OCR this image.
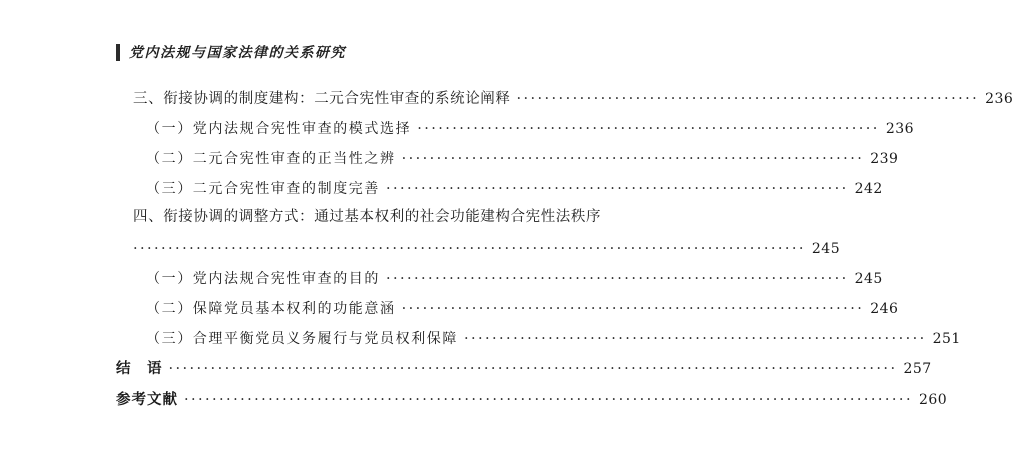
党内法规与国家法律的关系研究
三、衔接协调的制度建构：二元合宪性审查的系统论阐释 ·································································· 236
（一）党内法规合宪性审查的模式选择 ·································································· 236
（二）二元合宪性审查的正当性之辨 ·································································· 239
（三）二元合宪性审查的制度完善 ·································································· 242
四、衔接协调的调整方式：通过基本权利的社会功能建构合宪性法秩序
································································································ 245
（一）党内法规合宪性审查的目的 ·································································· 245
（二）保障党员基本权利的功能意涵 ·································································· 246
（三）合理平衡党员义务履行与党员权利保障 ·································································· 251
结　语 ········································································································ 257
参考文献 ········································································································ 260
